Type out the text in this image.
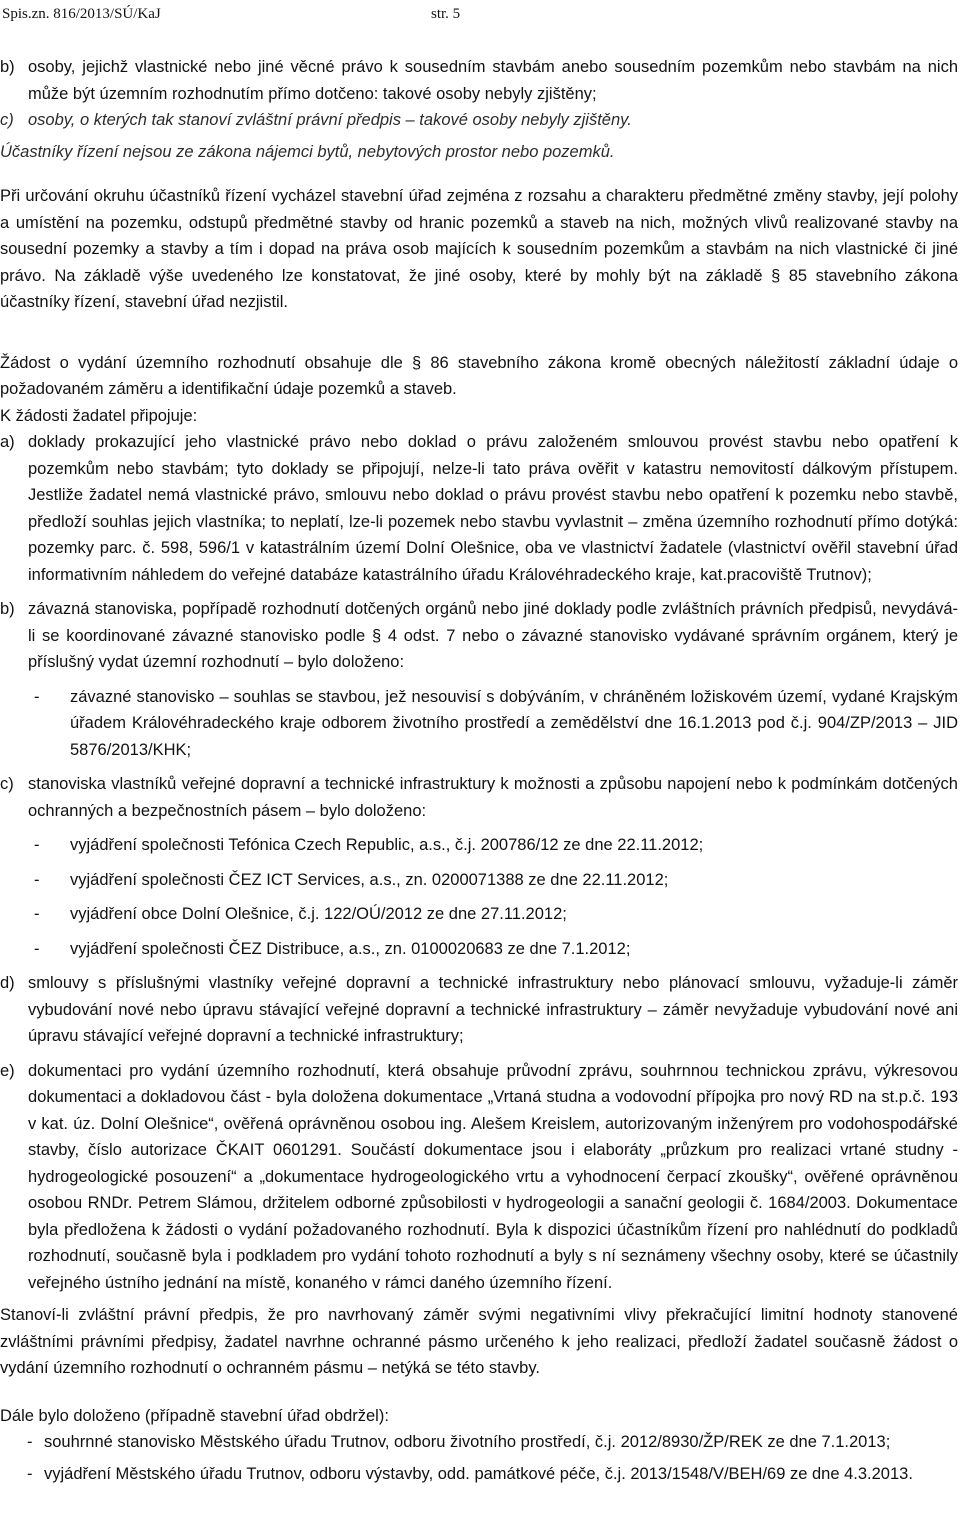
Spis.zn. 816/2013/SÚ/KaJ	str. 5
b) osoby, jejichž vlastnické nebo jiné věcné právo k sousedním stavbám anebo sousedním pozemkům nebo stavbám na nich může být územním rozhodnutím přímo dotčeno: takové osoby nebyly zjištěny;
c) osoby, o kterých tak stanoví zvláštní právní předpis – takové osoby nebyly zjištěny.

Účastníky řízení nejsou ze zákona nájemci bytů, nebytových prostor nebo pozemků.

Při určování okruhu účastníků řízení vycházel stavební úřad zejména z rozsahu a charakteru předmětné změny stavby, její polohy a umístění na pozemku, odstupů předmětné stavby od hranic pozemků a staveb na nich, možných vlivů realizované stavby na sousední pozemky a stavby a tím i dopad na práva osob majících k sousedním pozemkům a stavbám na nich vlastnické či jiné právo. Na základě výše uvedeného lze konstatovat, že jiné osoby, které by mohly být na základě § 85 stavebního zákona účastníky řízení, stavební úřad nezjistil.

Žádost o vydání územního rozhodnutí obsahuje dle § 86 stavebního zákona kromě obecných náležitostí základní údaje o požadovaném záměru a identifikační údaje pozemků a staveb.

K žádosti žadatel připojuje:

a) doklady prokazující jeho vlastnické právo nebo doklad o právu založeném smlouvou provést stavbu nebo opatření k pozemkům nebo stavbám; tyto doklady se připojují, nelze-li tato práva ověřit v katastru nemovitostí dálkovým přístupem. Jestliže žadatel nemá vlastnické právo, smlouvu nebo doklad o právu provést stavbu nebo opatření k pozemku nebo stavbě, předloží souhlas jejich vlastníka; to neplatí, lze-li pozemek nebo stavbu vyvlastnit – změna územního rozhodnutí přímo dotýká: pozemky parc. č. 598, 596/1 v katastrálním území Dolní Olešnice, oba ve vlastnictví žadatele (vlastnictví ověřil stavební úřad informativním náhledem do veřejné databáze katastrálního úřadu Královéhradeckého kraje, kat.pracoviště Trutnov);
b) závazná stanoviska, popřípadě rozhodnutí dotčených orgánů nebo jiné doklady podle zvláštních právních předpisů, nevydává-li se koordinované závazné stanovisko podle § 4 odst. 7 nebo o závazné stanovisko vydávané správním orgánem, který je příslušný vydat územní rozhodnutí – bylo doloženo:
- závazné stanovisko – souhlas se stavbou, jež nesouvisí s dobýváním, v chráněném ložiskovém území, vydané Krajským úřadem Královéhradeckého kraje odborem životního prostředí a zemědělství dne 16.1.2013 pod č.j. 904/ZP/2013 – JID 5876/2013/KHK;
c) stanoviska vlastníků veřejné dopravní a technické infrastruktury k možnosti a způsobu napojení nebo k podmínkám dotčených ochranných a bezpečnostních pásem – bylo doloženo:
- vyjádření společnosti Tefónica Czech Republic, a.s., č.j. 200786/12 ze dne 22.11.2012;
- vyjádření společnosti ČEZ ICT Services, a.s., zn. 0200071388 ze dne 22.11.2012;
- vyjádření obce Dolní Olešnice, č.j. 122/OÚ/2012 ze dne 27.11.2012;
- vyjádření společnosti ČEZ Distribuce, a.s., zn. 0100020683 ze dne 7.1.2012;
d) smlouvy s příslušnými vlastníky veřejné dopravní a technické infrastruktury nebo plánovací smlouvu, vyžaduje-li záměr vybudování nové nebo úpravu stávající veřejné dopravní a technické infrastruktury – záměr nevyžaduje vybudování nové ani úpravu stávající veřejné dopravní a technické infrastruktury;
e) dokumentaci pro vydání územního rozhodnutí, která obsahuje průvodní zprávu, souhrnnou technickou zprávu, výkresovou dokumentaci a dokladovou část - byla doložena dokumentace „Vrtaná studna a vodovodní přípojka pro nový RD na st.p.č. 193 v kat. úz. Dolní Olešnice“, ověřená oprávněnou osobou ing. Alešem Kreislem, autorizovaným inženýrem pro vodohospodářské stavby, číslo autorizace ČKAIT 0601291. Součástí dokumentace jsou i elaboráty „průzkum pro realizaci vrtané studny - hydrogeologické posouzení“ a „dokumentace hydrogeologického vrtu a vyhodnocení čerpací zkoušky“, ověřené oprávněnou osobou RNDr. Petrem Slámou, držitelem odborné způsobilosti v hydrogeologii a sanační geologii č. 1684/2003. Dokumentace byla předložena k žádosti o vydání požadovaného rozhodnutí. Byla k dispozici účastníkům řízení pro nahlédnutí do podkladů rozhodnutí, současně byla i podkladem pro vydání tohoto rozhodnutí a byly s ní seznámeny všechny osoby, které se účastnily veřejného ústního jednání na místě, konaného v rámci daného územního řízení.

Stanoví-li zvláštní právní předpis, že pro navrhovaný záměr svými negativními vlivy překračující limitní hodnoty stanovené zvláštními právními předpisy, žadatel navrhne ochranné pásmo určeného k jeho realizaci, předloží žadatel současně žádost o vydání územního rozhodnutí o ochranném pásmu – netýká se této stavby.

Dále bylo doloženo (případně stavební úřad obdržel):

- souhrnné stanovisko Městského úřadu Trutnov, odboru životního prostředí, č.j. 2012/8930/ŽP/REK ze dne 7.1.2013;
- vyjádření Městského úřadu Trutnov, odboru výstavby, odd. památkové péče, č.j. 2013/1548/V/BEH/69 ze dne 4.3.2013.
